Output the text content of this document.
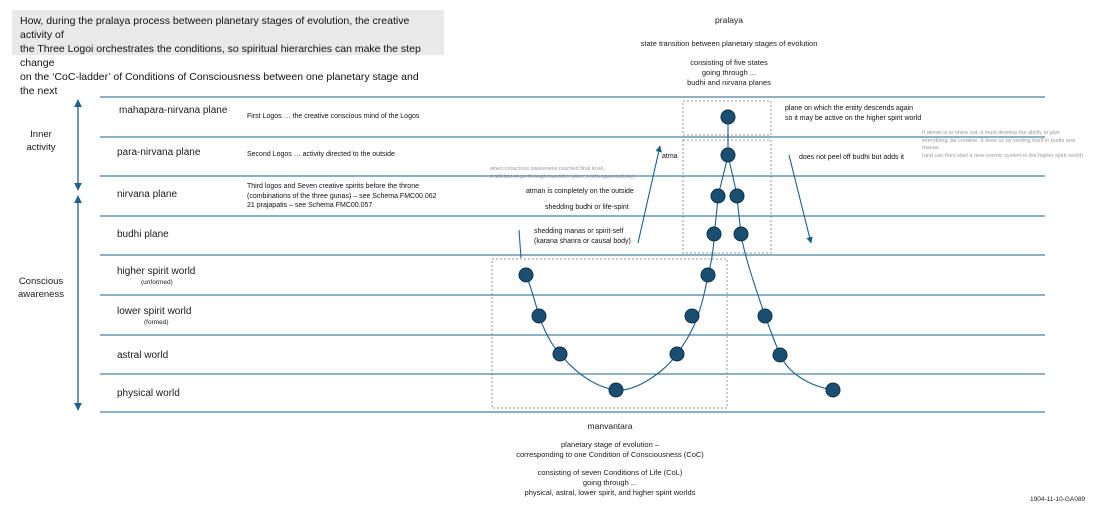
How, during the pralaya process between planetary stages of evolution, the creative activity of
the Three Logoi orchestrates the conditions, so spiritual hierarchies can make the step change
on the ‘CoC-ladder’ of Conditions of Consciousness between one planetary stage and the next
pralaya
state transition between planetary stages of evolution
consisting of five states
going through ...
budhi and nirvana planes
Inner
activity
Conscious
awareness
mahapara-nirvana plane
para-nirvana plane
nirvana plane
budhi plane
higher spirit world
(unformed)
lower spirit world
(formed)
astral world
physical world
First Logos … the creative conscious mind of the Logos
Second Logos … activity directed to the outside
Third logos and Seven creative spirits before the throne
(combinations of the three gunas) – see Schema FMC00.062
21 prajapatis – see Schema FMC00.057
when conscious awareness reached final level,
it still has to go through two other planes (of Logoic activity)
atma
atman is completely on the outside
shedding budhi or life-spirit
shedding manas or spirit-self
(karana sharira or causal body)
plane on which the entity descends again
so it may be active on the higher spirit world
does not peel off budhi but adds it
If atman is to shine out, it must develop the ability to give
everything, be creative. It does so by vesting itself in budhi and
manas.
(and can then start a new cosmic system in the higher spirit world)
manvantara
planetary stage of evolution –
corresponding to one Condition of Consciousness (CoC)
consisting of seven Conditions of Life (CoL)
going through ...
physical, astral, lower spirit, and higher spirit worlds
1904-11-10-GA089
